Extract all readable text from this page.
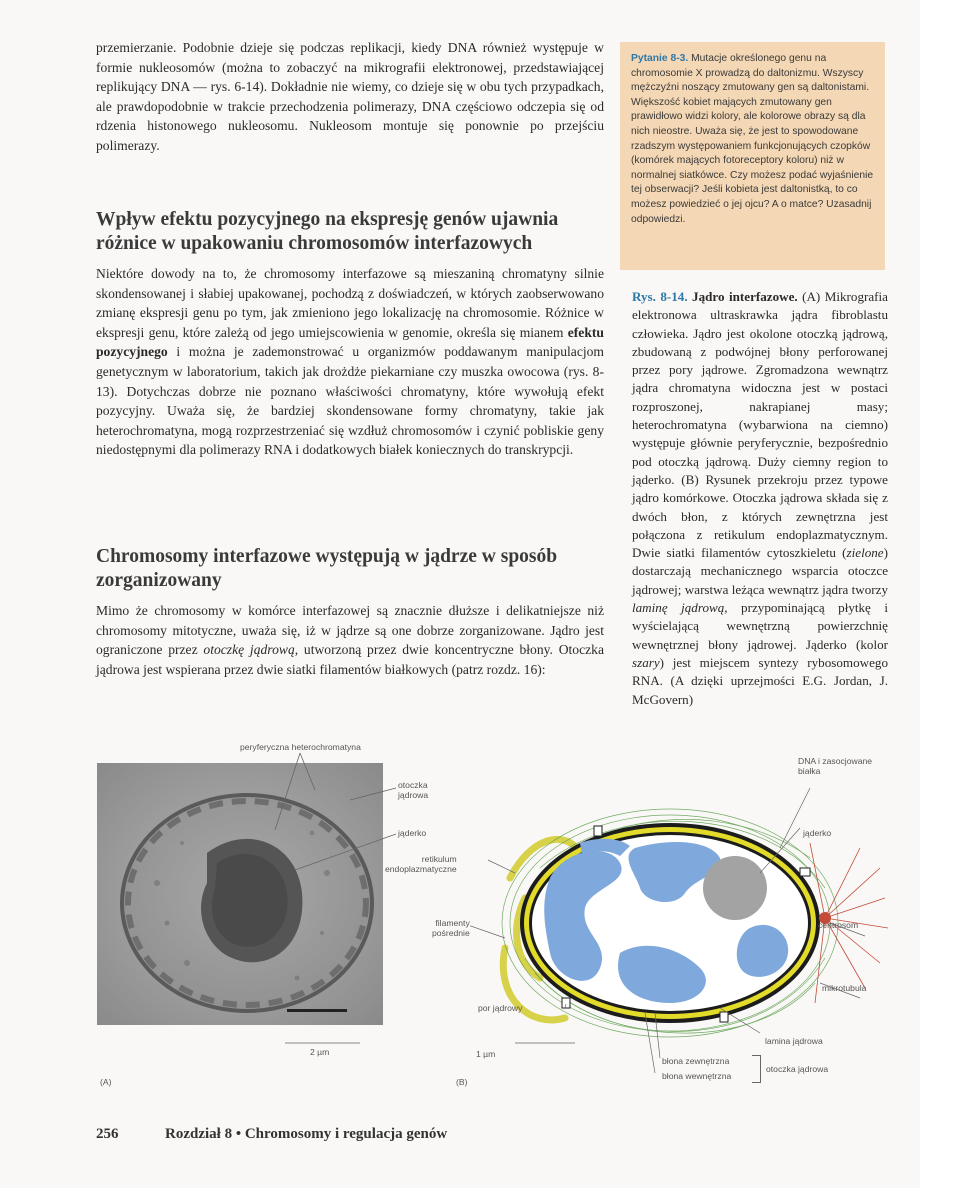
przemierzanie. Podobnie dzieje się podczas replikacji, kiedy DNA również występuje w formie nukleosomów (można to zobaczyć na mikrografii elektronowej, przedstawiającej replikujący DNA — rys. 6-14). Dokładnie nie wiemy, co dzieje się w obu tych przypadkach, ale prawdopodobnie w trakcie przechodzenia polimerazy, DNA częściowo odczepia się od rdzenia histonowego nukleosomu. Nukleosom montuje się ponownie po przejściu polimerazy.

Wpływ efektu pozycyjnego na ekspresję genów ujawnia różnice w upakowaniu chromosomów interfazowych

Niektóre dowody na to, że chromosomy interfazowe są mieszaniną chromatyny silnie skondensowanej i słabiej upakowanej, pochodzą z doświadczeń, w których zaobserwowano zmianę ekspresji genu po tym, jak zmieniono jego lokalizację na chromosomie. Różnice w ekspresji genu, które zależą od jego umiejscowienia w genomie, określa się mianem efektu pozycyjnego i można je zademonstrować u organizmów poddawanym manipulacjom genetycznym w laboratorium, takich jak drożdże piekarniane czy muszka owocowa (rys. 8-13). Dotychczas dobrze nie poznano właściwości chromatyny, które wywołują efekt pozycyjny. Uważa się, że bardziej skondensowane formy chromatyny, takie jak heterochromatyna, mogą rozprzestrzeniać się wzdłuż chromosomów i czynić pobliskie geny niedostępnymi dla polimerazy RNA i dodatkowych białek koniecznych do transkrypcji.

Chromosomy interfazowe występują w jądrze w sposób zorganizowany

Mimo że chromosomy w komórce interfazowej są znacznie dłuższe i delikatniejsze niż chromosomy mitotyczne, uważa się, iż w jądrze są one dobrze zorganizowane. Jądro jest ograniczone przez otoczkę jądrową, utworzoną przez dwie koncentryczne błony. Otoczka jądrowa jest wspierana przez dwie siatki filamentów białkowych (patrz rozdz. 16):

Pytanie 8-3. Mutacje określonego genu na chromosomie X prowadzą do daltonizmu. Wszyscy mężczyźni noszący zmutowany gen są daltonistami. Większość kobiet mających zmutowany gen prawidłowo widzi kolory, ale kolorowe obrazy są dla nich nieostre. Uważa się, że jest to spowodowane rzadszym występowaniem funkcjonujących czopków (komórek mających fotoreceptory koloru) niż w normalnej siatkówce. Czy możesz podać wyjaśnienie tej obserwacji? Jeśli kobieta jest daltonistką, to co możesz powiedzieć o jej ojcu? A o matce? Uzasadnij odpowiedzi.
Rys. 8-14. Jądro interfazowe. (A) Mikrografia elektronowa ultraskrawka jądra fibroblastu człowieka. Jądro jest okolone otoczką jądrową, zbudowaną z podwójnej błony perforowanej przez pory jądrowe. Zgromadzona wewnątrz jądra chromatyna widoczna jest w postaci rozproszonej, nakrapianej masy; heterochromatyna (wybarwiona na ciemno) występuje głównie peryferycznie, bezpośrednio pod otoczką jądrową. Duży ciemny region to jąderko. (B) Rysunek przekroju przez typowe jądro komórkowe. Otoczka jądrowa składa się z dwóch błon, z których zewnętrzna jest połączona z retikulum endoplazmatycznym. Dwie siatki filamentów cytoszkieletu (zielone) dostarczają mechanicznego wsparcia otoczce jądrowej; warstwa leżąca wewnątrz jądra tworzy laminę jądrową, przypominającą płytkę i wyścielającą wewnętrzną powierzchnię wewnętrznej błony jądrowej. Jąderko (kolor szary) jest miejscem syntezy rybosomowego RNA. (A dzięki uprzejmości E.G. Jordan, J. McGovern)
peryferyczna heterochromatyna
otoczka
jądrowa
jąderko
2 µm
(A)
retikulum
endoplazmatyczne
filamenty
pośrednie
por jądrowy
1 µm
(B)
DNA i zasocjowane
białka
jąderko
centrosom
mikrotubula
lamina jądrowa
błona zewnętrzna
błona wewnętrzna
otoczka jądrowa
256	Rozdział 8 • Chromosomy i regulacja genów
